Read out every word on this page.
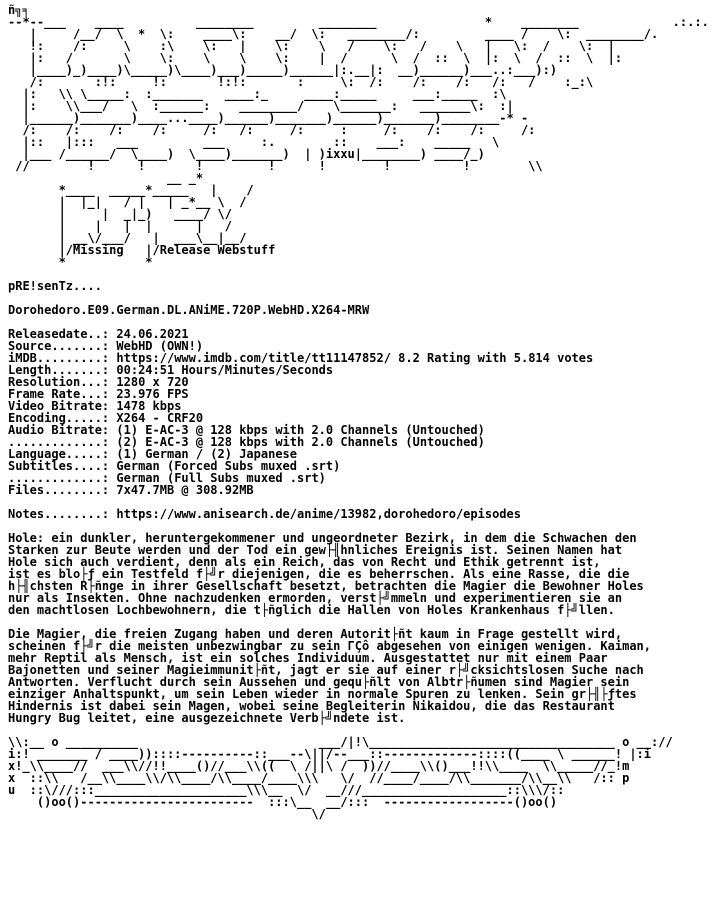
ñ╗╕
--*--___    ____          ________         ________               *    ________             .:.:.
|     /__/  \  *  \:    ____\:    __/  \:   ________/:         ____ /    \:  ________/.
!:    /:     \    :\    \:   |    \:    \   /    \:   /    \   |   \:  /    \:  |
|:   /       \    \:    \    \    \:    |  /      \  /  ::  \  |:  \  /  ::  \  |:
|____)_)____)\_____)\____)___)_____)______|:.__|:  __)______)___..:___):)
/:       :!:     !:       !:!:       :     \:  /:    /:    /:   /:   /    :_:\
|:   \\ \_____:  :_______   ____:_     ____:_____     ___:_____  :\
|:    \\___/   \  :______:    ________/    \_______:   _______\:  :|
|______)_______)____...____)______)_______)______)_______)________-* -
/:    /:    /:    /:     /:   /:     /:     :     /:    /:    /:     /:
|::   |:::   ___         ___     :.        ::    ___:    _____   \
|___ /______/  \____)  \____)_______)  | )ixxu|________) ____/_)
//        !      !       !         !      !        !          !        \\
__ _*
*____  _____*_____   |    /
|  |_|   / |   | _*__ \  /
|     |  _|_)   ____/ \/
|    |   |  |      |   /
| __\/___/   |  ___\__|__/
|/Missing   |/Release Webstuff
*           *

pRE!senTz....

Dorohedoro.E09.German.DL.ANiME.720P.WebHD.X264-MRW

Releasedate..: 24.06.2021
Source.......: WebHD (OWN!)
iMDB.........: https://www.imdb.com/title/tt11147852/ 8.2 Rating with 5.814 votes
Length.......: 00:24:51 Hours/Minutes/Seconds
Resolution...: 1280 x 720
Frame Rate...: 23.976 FPS
Video Bitrate: 1478 kbps
Encoding.....: X264 - CRF20
Audio Bitrate: (1) E-AC-3 @ 128 kbps with 2.0 Channels (Untouched)
.............: (2) E-AC-3 @ 128 kbps with 2.0 Channels (Untouched)
Language.....: (1) German / (2) Japanese
Subtitles....: German (Forced Subs muxed .srt)
.............: German (Full Subs muxed .srt)
Files........: 7x47.7MB @ 308.92MB

Notes........: https://www.anisearch.de/anime/13982,dorohedoro/episodes

Hole: ein dunkler, heruntergekommener und ungeordneter Bezirk, in dem die Schwachen den
Starken zur Beute werden und der Tod ein gew├╢hnliches Ereignis ist. Seinen Namen hat
Hole sich auch verdient, denn als ein Reich, das von Recht und Ethik getrennt ist,
ist es blo├ƒ ein Testfeld f├╝r diejenigen, die es beherrschen. Als eine Rasse, die die
h├╢chsten R├ñnge in ihrer Gesellschaft besetzt, betrachten die Magier die Bewohner Holes
nur als Insekten. Ohne nachzudenken ermorden, verst├╝mmeln und experimentieren sie an
den machtlosen Lochbewohnern, die t├ñglich die Hallen von Holes Krankenhaus f├╝llen.

Die Magier, die freien Zugang haben und deren Autorit├ñt kaum in Frage gestellt wird,
scheinen f├╝r die meisten unbezwingbar zu sein ΓÇô abgesehen von einigen wenigen. Kaiman,
mehr Reptil als Mensch, ist ein solches Individuum. Ausgestattet nur mit einem Paar
Bajonetten und seiner Magieimmunit├ñt, jagt er sie auf einer r├╝cksichtslosen Suche nach
Antworten. Verflucht durch sein Aussehen und gequ├ñlt von Albtr├ñumen sind Magier sein
einziger Anhaltspunkt, um sein Leben wieder in normale Spuren zu lenken. Sein gr├╢├ƒtes
Hindernis ist dabei sein Magen, wobei seine Begleiterin Nikaidou, die das Restaurant
Hungry Bug leitet, eine ausgezeichnete Verb├╝ndete ist.

\\:__ o __________                         ___/|!\__________________________________ o __://
i:! _______ / ____))::::----------::___--\||/--___::-------------::::((____ \ ______! |:i
x!_\\____//  ___\\//!!____()//___\\((  \ /||\ /  ))//____\\()___!!\\____  \\_____//_!m
x  ::\\   /__\\____\\/\\____/\\____/____\\\   \/  //____/____/\\_______/\\__\\   /:: p
u  ::\///:::_____________________\\\__  \/  __///____________________::\\\/::
()oo()------------------------  :::\__  __/:::  ------------------()oo()
\/
